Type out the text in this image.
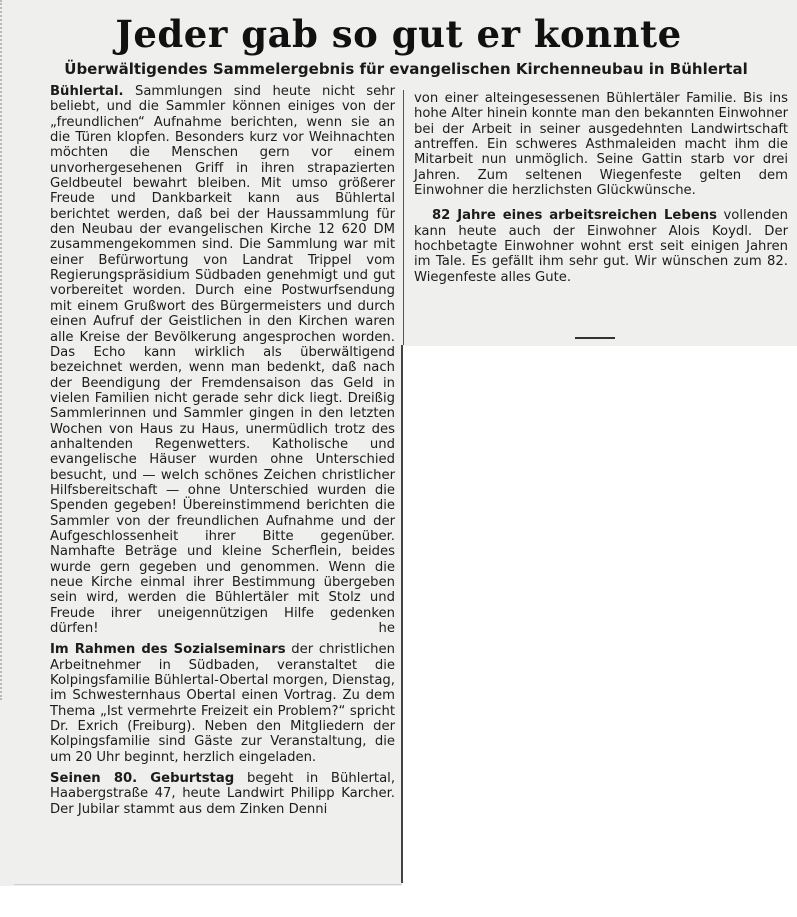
Jeder gab so gut er konnte
Überwältigendes Sammelergebnis für evangelischen Kirchenneubau in Bühlertal

Bühlertal. Sammlungen sind heute nicht sehr beliebt, und die Sammler können einiges von der „freundlichen“ Aufnahme berichten, wenn sie an die Türen klopfen. Besonders kurz vor Weihnachten möchten die Menschen gern vor einem unvorhergesehenen Griff in ihren strapazierten Geldbeutel bewahrt bleiben. Mit umso größerer Freude und Dankbarkeit kann aus Bühlertal berichtet werden, daß bei der Haussammlung für den Neubau der evangelischen Kirche 12 620 DM zusammengekommen sind. Die Sammlung war mit einer Befürwortung von Landrat Trippel vom Regierungspräsidium Südbaden genehmigt und gut vorbereitet worden. Durch eine Postwurfsendung mit einem Grußwort des Bürgermeisters und durch einen Aufruf der Geistlichen in den Kirchen waren alle Kreise der Bevölkerung angesprochen worden. Das Echo kann wirklich als überwältigend bezeichnet werden, wenn man bedenkt, daß nach der Beendigung der Fremdensaison das Geld in vielen Familien nicht gerade sehr dick liegt. Dreißig Sammlerinnen und Sammler gingen in den letzten Wochen von Haus zu Haus, unermüdlich trotz des anhaltenden Regenwetters. Katholische und evangelische Häuser wurden ohne Unterschied besucht, und — welch schönes Zeichen christlicher Hilfsbereitschaft — ohne Unterschied wurden die Spenden gegeben! Übereinstimmend berichten die Sammler von der freundlichen Aufnahme und der Aufgeschlossenheit ihrer Bitte gegenüber. Namhafte Beträge und kleine Scherflein, beides wurde gern gegeben und genommen. Wenn die neue Kirche einmal ihrer Bestimmung übergeben sein wird, werden die Bühlertäler mit Stolz und Freude ihrer uneigennützigen Hilfe gedenken dürfen!	he

Im Rahmen des Sozialseminars der christlichen Arbeitnehmer in Südbaden, veranstaltet die Kolpingsfamilie Bühlertal-Obertal morgen, Dienstag, im Schwesternhaus Obertal einen Vortrag. Zu dem Thema „Ist vermehrte Freizeit ein Problem?“ spricht Dr. Exrich (Freiburg). Neben den Mitgliedern der Kolpingsfamilie sind Gäste zur Veranstaltung, die um 20 Uhr beginnt, herzlich eingeladen.

Seinen 80. Geburtstag begeht in Bühlertal, Haabergstraße 47, heute Landwirt Philipp Karcher. Der Jubilar stammt aus dem Zinken Denni

von einer alteingesessenen Bühlertäler Familie. Bis ins hohe Alter hinein konnte man den bekannten Einwohner bei der Arbeit in seiner ausgedehnten Landwirtschaft antreffen. Ein schweres Asthmaleiden macht ihm die Mitarbeit nun unmöglich. Seine Gattin starb vor drei Jahren. Zum seltenen Wiegenfeste gelten dem Einwohner die herzlichsten Glückwünsche.

82 Jahre eines arbeitsreichen Lebens vollenden kann heute auch der Einwohner Alois Koydl. Der hochbetagte Einwohner wohnt erst seit einigen Jahren im Tale. Es gefällt ihm sehr gut. Wir wünschen zum 82. Wiegenfeste alles Gute.
